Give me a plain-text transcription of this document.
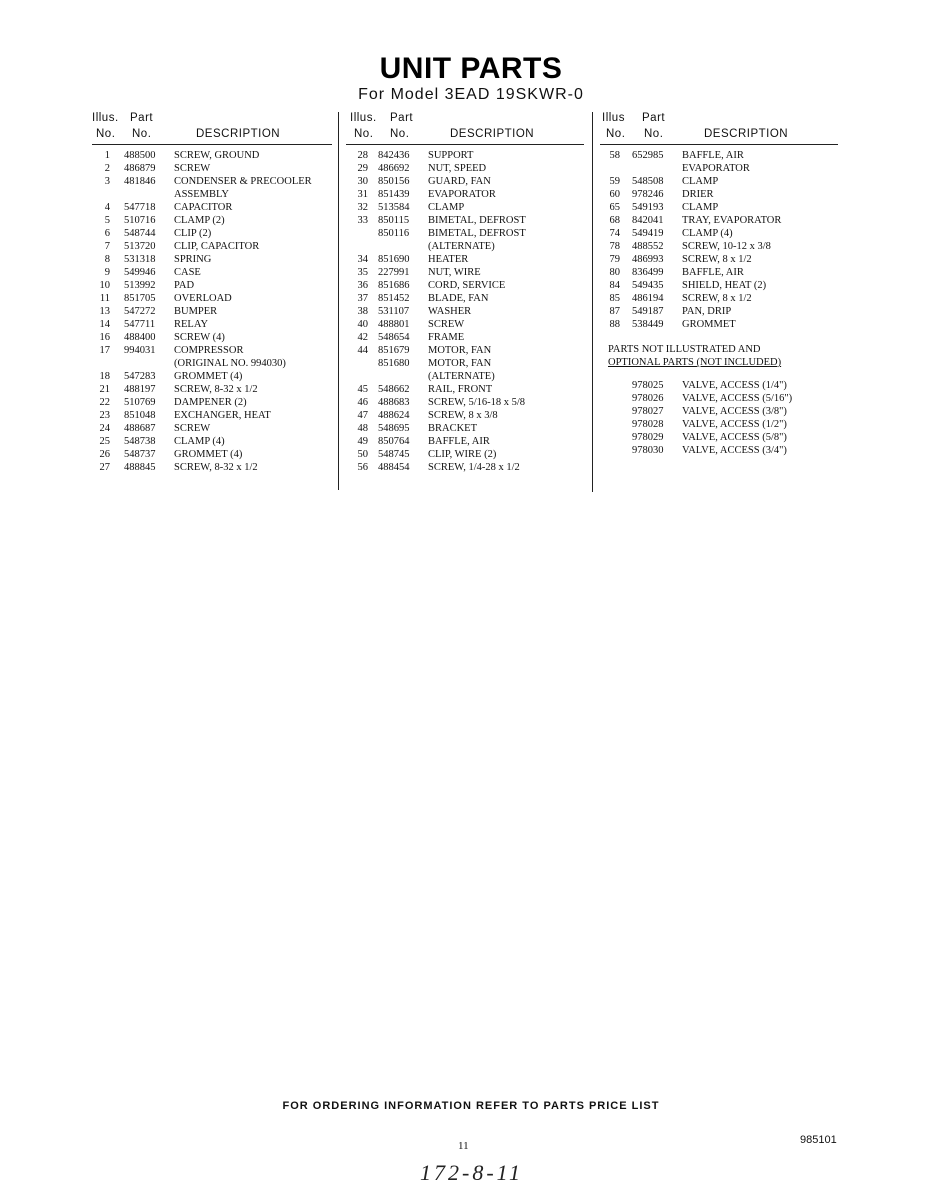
UNIT PARTS
For Model 3EAD 19SKWR-0
Illus. Part
No. No.	DESCRIPTION
1 488500 SCREW, GROUND
2 486879 SCREW
3 481846 CONDENSER & PRECOOLER
ASSEMBLY
4 547718 CAPACITOR
5 510716 CLAMP (2)
6 548744 CLIP (2)
7 513720 CLIP, CAPACITOR
8 531318 SPRING
9 549946 CASE
10 513992 PAD
11 851705 OVERLOAD
13 547272 BUMPER
14 547711 RELAY
16 488400 SCREW (4)
17 994031 COMPRESSOR
(ORIGINAL NO. 994030)
18 547283 GROMMET (4)
21 488197 SCREW, 8-32 x 1/2
22 510769 DAMPENER (2)
23 851048 EXCHANGER, HEAT
24 488687 SCREW
25 548738 CLAMP (4)
26 548737 GROMMET (4)
27 488845 SCREW, 8-32 x 1/2
Illus. Part
No. No.	DESCRIPTION
28 842436 SUPPORT
29 486692 NUT, SPEED
30 850156 GUARD, FAN
31 851439 EVAPORATOR
32 513584 CLAMP
33 850115 BIMETAL, DEFROST
850116 BIMETAL, DEFROST
(ALTERNATE)
34 851690 HEATER
35 227991 NUT, WIRE
36 851686 CORD, SERVICE
37 851452 BLADE, FAN
38 531107 WASHER
40 488801 SCREW
42 548654 FRAME
44 851679 MOTOR, FAN
851680 MOTOR, FAN
(ALTERNATE)
45 548662 RAIL, FRONT
46 488683 SCREW, 5/16-18 x 5/8
47 488624 SCREW, 8 x 3/8
48 548695 BRACKET
49 850764 BAFFLE, AIR
50 548745 CLIP, WIRE (2)
56 488454 SCREW, 1/4-28 x 1/2
Illus Part
No. No.	DESCRIPTION
58 652985 BAFFLE, AIR
EVAPORATOR
59 548508 CLAMP
60 978246 DRIER
65 549193 CLAMP
68 842041 TRAY, EVAPORATOR
74 549419 CLAMP (4)
78 488552 SCREW, 10-12 x 3/8
79 486993 SCREW, 8 x 1/2
80 836499 BAFFLE, AIR
84 549435 SHIELD, HEAT (2)
85 486194 SCREW, 8 x 1/2
87 549187 PAN, DRIP
88 538449 GROMMET
PARTS NOT ILLUSTRATED AND
OPTIONAL PARTS (NOT INCLUDED)
978025 VALVE, ACCESS (1/4")
978026 VALVE, ACCESS (5/16")
978027 VALVE, ACCESS (3/8")
978028 VALVE, ACCESS (1/2")
978029 VALVE, ACCESS (5/8")
978030 VALVE, ACCESS (3/4")
FOR ORDERING INFORMATION REFER TO PARTS PRICE LIST
11	985101
172-8-11
